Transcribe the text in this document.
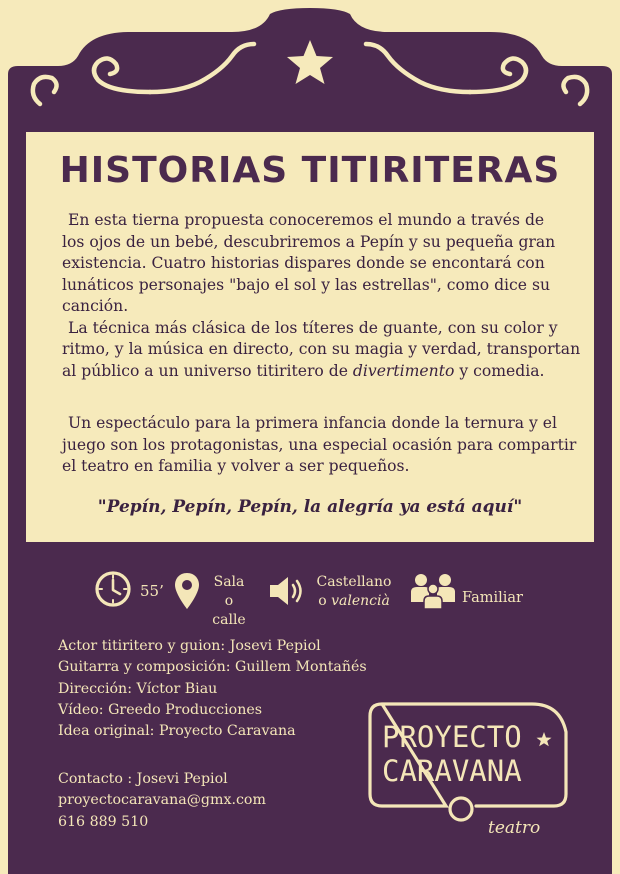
HISTORIAS TITIRITERAS
En esta tierna propuesta conoceremos el mundo a través de
los ojos de un bebé, descubriremos a Pepín y su pequeña gran
existencia. Cuatro historias dispares donde se encontará con
lunáticos personajes "bajo el sol y las estrellas", como dice su
canción.
La técnica más clásica de los títeres de guante, con su color y
ritmo, y la música en directo, con su magia y verdad, transportan
al público a un universo titiritero de divertimento y comedia.
Un espectáculo para la primera infancia donde la ternura y el
juego son los protagonistas, una especial ocasión para compartir
el teatro en familia y volver a ser pequeños.
"Pepín, Pepín, Pepín, la alegría ya está aquí"
55’	Sala
o calle
Castellano
o valencià	Familiar
Actor titiritero y guion: Josevi Pepiol
Guitarra y composición: Guillem Montañés
Dirección: Víctor Biau
Vídeo: Greedo Producciones
Idea original: Proyecto Caravana
Contacto : Josevi Pepiol
proyectocaravana@gmx.com
616 889 510
PROYECTO
CARAVANA
teatro
